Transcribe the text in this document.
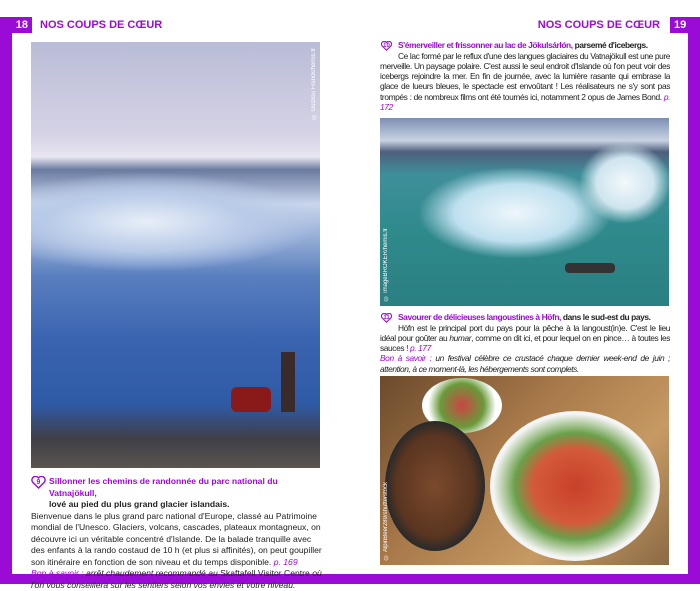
18	NOS COUPS DE CŒUR	19
NOS COUPS DE CŒUR
© Guiziou Franck/hemis.fr
9 Sillonner les chemins de randonnée du parc national du Vatnajökull,
lové au pied du plus grand glacier islandais.
Bienvenue dans le plus grand parc national d'Europe, classé au Patrimoine mondial de l'Unesco. Glaciers, volcans, cascades, plateaux montagneux, on découvre ici un véritable concentré d'Islande. De la balade tranquille avec des enfants à la rando costaud de 10 h (et plus si affinités), on peut goupiller son itinéraire en fonction de son niveau et du temps disponible. p. 169
Bon à savoir : arrêt chaudement recommandé au Skaftafell Visitor Centre où l'on vous conseillera sur les sentiers selon vos envies et votre niveau.
10 S'émerveiller et frissonner au lac de Jökulsárlón, parsemé d'icebergs.
Ce lac formé par le reflux d'une des langues glaciaires du Vatnajökull est une pure merveille. Un paysage polaire. C'est aussi le seul endroit d'Islande où l'on peut voir des icebergs rejoindre la mer. En fin de journée, avec la lumière rasante qui embrase la glace de lueurs bleues, le spectacle est envoûtant ! Les réalisateurs ne s'y sont pas trompés : de nombreux films ont été tournés ici, notamment 2 opus de James Bond. p. 172
© imageBROKER/hemis.fr
11 Savourer de délicieuses langoustines à Höfn, dans le sud-est du pays.
Höfn est le principal port du pays pour la pêche à la langoust(in)e. C'est le lieu idéal pour goûter au humar, comme on dit ici, et pour lequel on en pince… à toutes les sauces ! p. 177
Bon à savoir : un festival célèbre ce crustacé chaque dernier week-end de juin ; attention, à ce moment-là, les hébergements sont complets.
© AlpinBeer289/shutterstock
